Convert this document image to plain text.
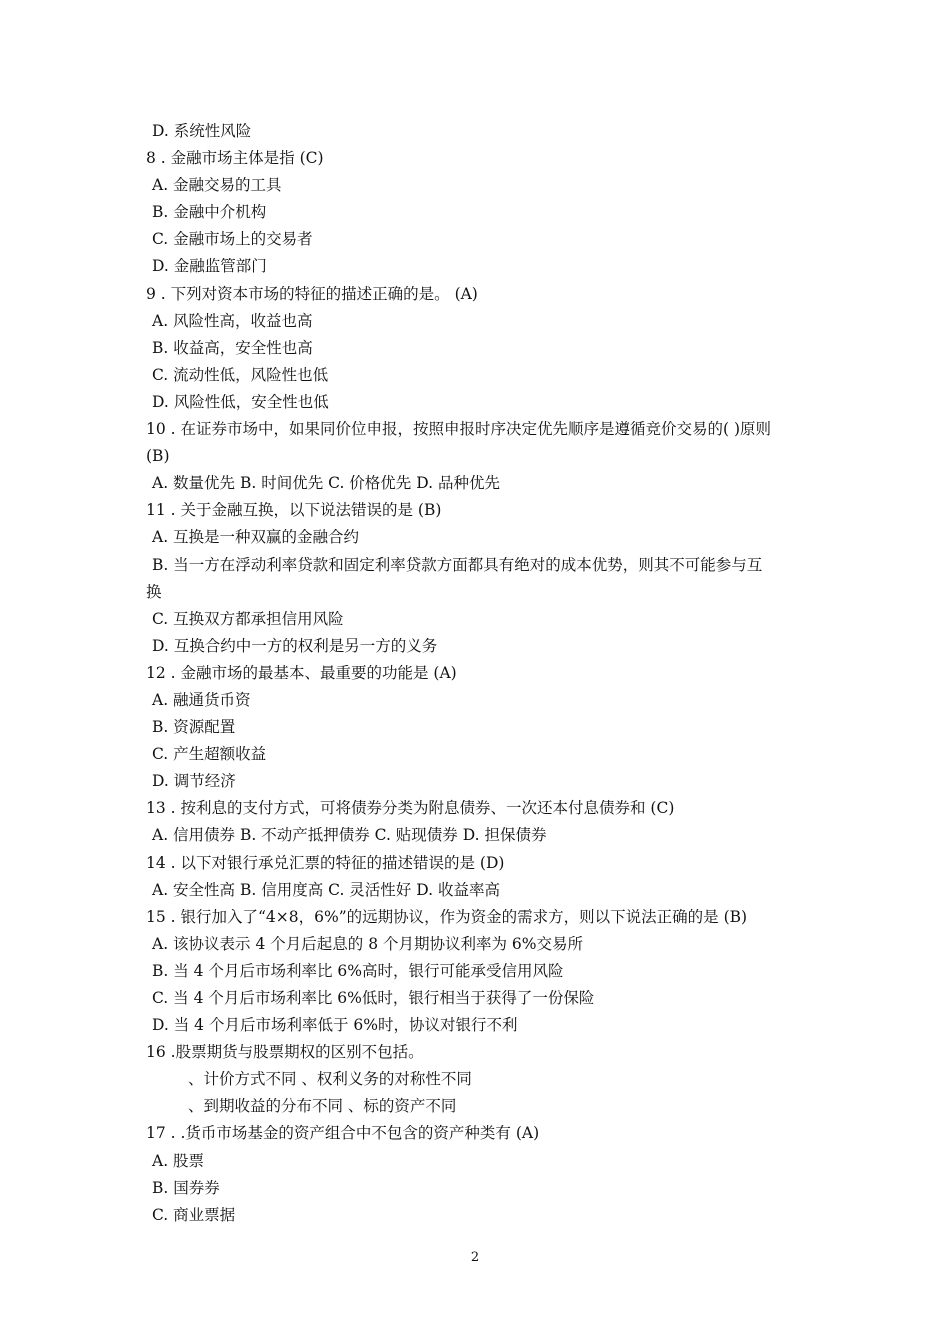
D. 系统性风险
8 . 金融市场主体是指 (C)
A. 金融交易的工具
B. 金融中介机构
C. 金融市场上的交易者
D. 金融监管部门
9 . 下列对资本市场的特征的描述正确的是。 (A)
A. 风险性高，收益也高
B. 收益高，安全性也高
C. 流动性低，风险性也低
D. 风险性低，安全性也低
10 . 在证券市场中，如果同价位申报，按照申报时序决定优先顺序是遵循竞价交易的( )原则
(B)
A. 数量优先 B. 时间优先 C. 价格优先 D. 品种优先
11 . 关于金融互换，以下说法错误的是 (B)
A. 互换是一种双赢的金融合约
B. 当一方在浮动利率贷款和固定利率贷款方面都具有绝对的成本优势，则其不可能参与互
换
C. 互换双方都承担信用风险
D. 互换合约中一方的权利是另一方的义务
12 . 金融市场的最基本、最重要的功能是 (A)
A. 融通货币资
B. 资源配置
C. 产生超额收益
D. 调节经济
13 . 按利息的支付方式，可将债券分类为附息债券、一次还本付息债券和 (C)
A. 信用债券 B. 不动产抵押债券 C. 贴现债券 D. 担保债券
14 . 以下对银行承兑汇票的特征的描述错误的是 (D)
A. 安全性高 B. 信用度高 C. 灵活性好 D. 收益率高
15 . 银行加入了“4×8，6%”的远期协议，作为资金的需求方，则以下说法正确的是 (B)
A. 该协议表示 4 个月后起息的 8 个月期协议利率为 6%交易所
B. 当 4 个月后市场利率比 6%高时，银行可能承受信用风险
C. 当 4 个月后市场利率比 6%低时，银行相当于获得了一份保险
D. 当 4 个月后市场利率低于 6%时，协议对银行不利
16 .股票期货与股票期权的区别不包括。
、计价方式不同 、权利义务的对称性不同
、到期收益的分布不同 、标的资产不同
17 . .货币市场基金的资产组合中不包含的资产种类有 (A)
A. 股票
B. 国券券
C. 商业票据
2
